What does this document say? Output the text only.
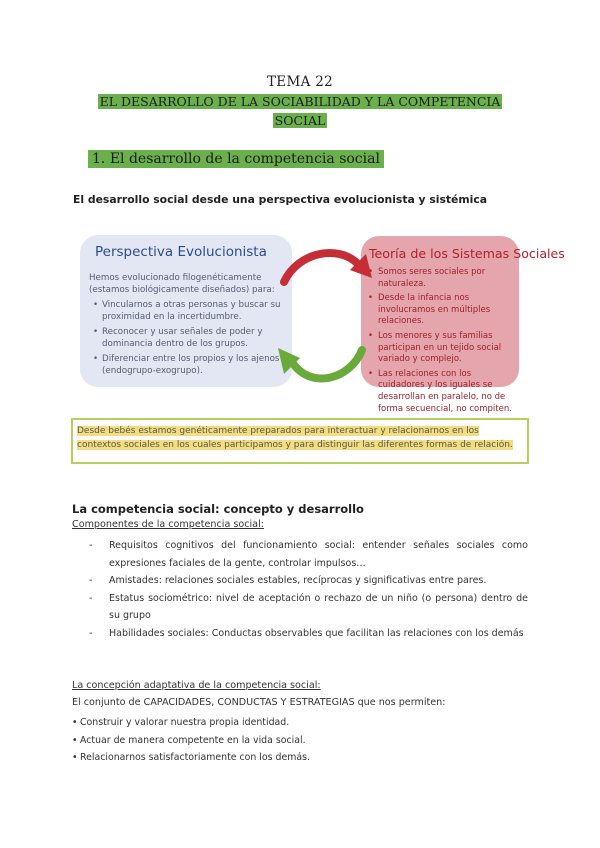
TEMA 22
EL DESARROLLO DE LA SOCIABILIDAD Y LA COMPETENCIA
SOCIAL
1. El desarrollo de la competencia social
El desarrollo social desde una perspectiva evolucionista y sistémica
Perspectiva Evolucionista
Hemos evolucionado filogenéticamente (estamos biológicamente diseñados) para:
• Vincularnos a otras personas y buscar su proximidad en la incertidumbre.
• Reconocer y usar señales de poder y dominancia dentro de los grupos.
• Diferenciar entre los propios y los ajenos (endogrupo-exogrupo).
Teoría de los Sistemas Sociales
• Somos seres sociales por naturaleza.
• Desde la infancia nos involucramos en múltiples relaciones.
• Los menores y sus familias participan en un tejido social variado y complejo.
• Las relaciones con los cuidadores y los iguales se desarrollan en paralelo, no de forma secuencial, no compiten.
Desde bebés estamos genéticamente preparados para interactuar y relacionarnos en los contextos sociales en los cuales participamos y para distinguir las diferentes formas de relación.
La competencia social: concepto y desarrollo
Componentes de la competencia social:
- Requisitos cognitivos del funcionamiento social: entender señales sociales como expresiones faciales de la gente, controlar impulsos…
- Amistades: relaciones sociales estables, recíprocas y significativas entre pares.
- Estatus sociométrico: nivel de aceptación o rechazo de un niño (o persona) dentro de su grupo
- Habilidades sociales: Conductas observables que facilitan las relaciones con los demás
La concepción adaptativa de la competencia social:
El conjunto de CAPACIDADES, CONDUCTAS Y ESTRATEGIAS que nos permiten:
• Construir y valorar nuestra propia identidad.
• Actuar de manera competente en la vida social.
• Relacionarnos satisfactoriamente con los demás.
